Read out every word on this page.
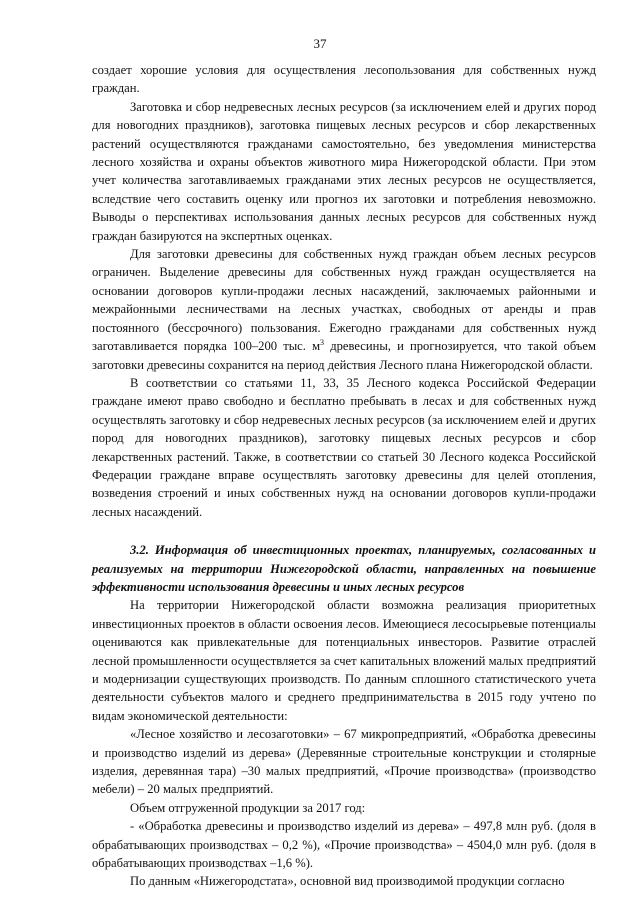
37

создает хорошие условия для осуществления лесопользования для собственных нужд граждан.

Заготовка и сбор недревесных лесных ресурсов (за исключением елей и других пород для новогодних праздников), заготовка пищевых лесных ресурсов и сбор лекарственных растений осуществляются гражданами самостоятельно, без уведомления министерства лесного хозяйства и охраны объектов животного мира Нижегородской области. При этом учет количества заготавливаемых гражданами этих лесных ресурсов не осуществляется, вследствие чего составить оценку или прогноз их заготовки и потребления невозможно. Выводы о перспективах использования данных лесных ресурсов для собственных нужд граждан базируются на экспертных оценках.

Для заготовки древесины для собственных нужд граждан объем лесных ресурсов ограничен. Выделение древесины для собственных нужд граждан осуществляется на основании договоров купли-продажи лесных насаждений, заключаемых районными и межрайонными лесничествами на лесных участках, свободных от аренды и прав постоянного (бессрочного) пользования. Ежегодно гражданами для собственных нужд заготавливается порядка 100–200 тыс. $м^3$ древесины, и прогнозируется, что такой объем заготовки древесины сохранится на период действия Лесного плана Нижегородской области.

В соответствии со статьями 11, 33, 35 Лесного кодекса Российской Федерации граждане имеют право свободно и бесплатно пребывать в лесах и для собственных нужд осуществлять заготовку и сбор недревесных лесных ресурсов (за исключением елей и других пород для новогодних праздников), заготовку пищевых лесных ресурсов и сбор лекарственных растений. Также, в соответствии со статьей 30 Лесного кодекса Российской Федерации граждане вправе осуществлять заготовку древесины для целей отопления, возведения строений и иных собственных нужд на основании договоров купли-продажи лесных насаждений.

3.2. Информация об инвестиционных проектах, планируемых, согласованных и реализуемых на территории Нижегородской области, направленных на повышение эффективности использования древесины и иных лесных ресурсов

На территории Нижегородской области возможна реализация приоритетных инвестиционных проектов в области освоения лесов. Имеющиеся лесосырьевые потенциалы оцениваются как привлекательные для потенциальных инвесторов. Развитие отраслей лесной промышленности осуществляется за счет капитальных вложений малых предприятий и модернизации существующих производств. По данным сплошного статистического учета деятельности субъектов малого и среднего предпринимательства в 2015 году учтено по видам экономической деятельности:

«Лесное хозяйство и лесозаготовки» – 67 микропредприятий, «Обработка древесины и производство изделий из дерева» (Деревянные строительные конструкции и столярные изделия, деревянная тара) –30 малых предприятий, «Прочие производства» (производство мебели) – 20 малых предприятий.

Объем отгруженной продукции за 2017 год:

- «Обработка древесины и производство изделий из дерева» – 497,8 млн руб. (доля в обрабатывающих производствах – 0,2 %), «Прочие производства» – 4504,0 млн руб. (доля в обрабатывающих производствах –1,6 %).

По данным «Нижегородстата», основной вид производимой продукции согласно
